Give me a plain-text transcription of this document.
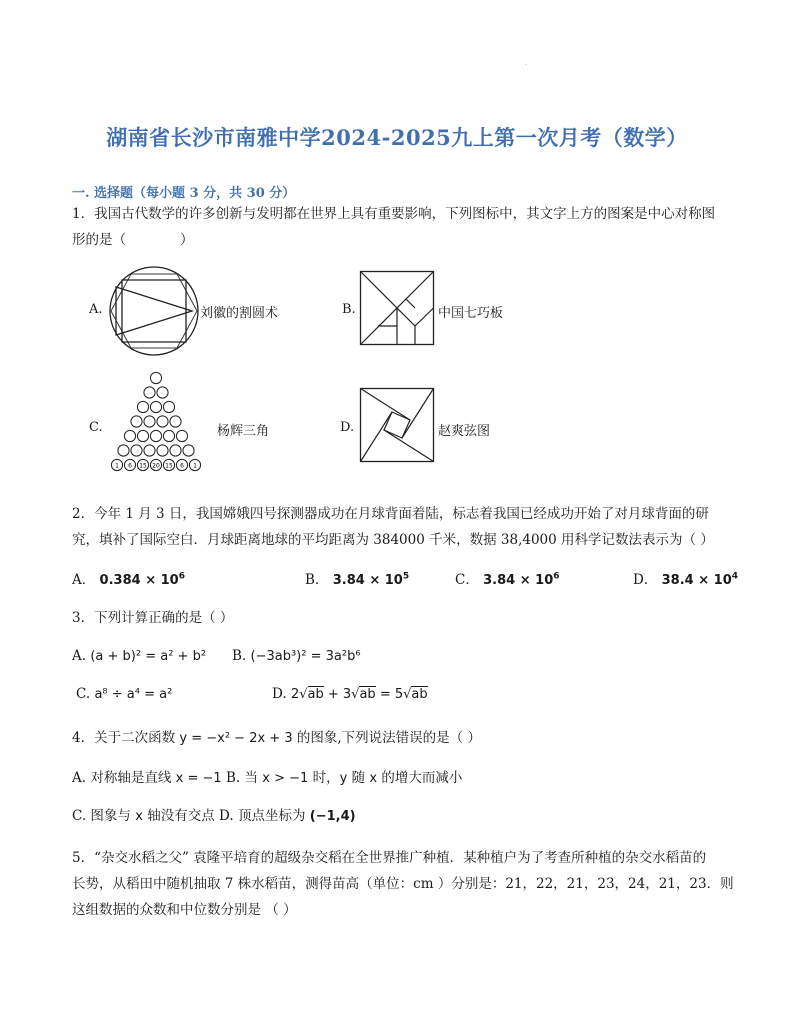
·
湖南省长沙市南雅中学2024-2025九上第一次月考（数学）
一. 选择题（每小题 3 分，共 30 分）
1．我国古代数学的许多创新与发明都在世界上具有重要影响，下列图标中，其文字上方的图案是中心对称图
形的是（　　　　）
A.	刘徽的割圆术	B.	中国七巧板
C.
1 6 15 20 15 6 1
杨辉三角	D.	赵爽弦图
2．今年 1 月 3 日，我国嫦娥四号探测器成功在月球背面着陆，标志着我国已经成功开始了对月球背面的研
究，填补了国际空白．月球距离地球的平均距离为 384000 千米，数据 38,4000 用科学记数法表示为（ ）
A． $0.384 \times 10^6$	B． $3.84 \times 10^5$	C． $3.84 \times 10^6$	D． $38.4 \times 10^4$
3．下列计算正确的是（ ）
A. (a + b)² = a² + b² B. (−3ab³)² = 3a²b⁶
C. a⁸ ÷ a⁴ = a²	D. 2√ab + 3√ab = 5√ab
4．关于二次函数 y = −x² − 2x + 3 的图象,下列说法错误的是（ ）
A. 对称轴是直线 x = −1 B. 当 x > −1 时，y 随 x 的增大而减小
C. 图象与 x 轴没有交点 D. 顶点坐标为 (−1,4)
5．“杂交水稻之父” 袁隆平培育的超级杂交稻在全世界推广种植．某种植户为了考查所种植的杂交水稻苗的
长势，从稻田中随机抽取 7 株水稻苗，测得苗高（单位：cm ）分别是：21，22，21，23，24，21，23．则
这组数据的众数和中位数分别是 （ ）
